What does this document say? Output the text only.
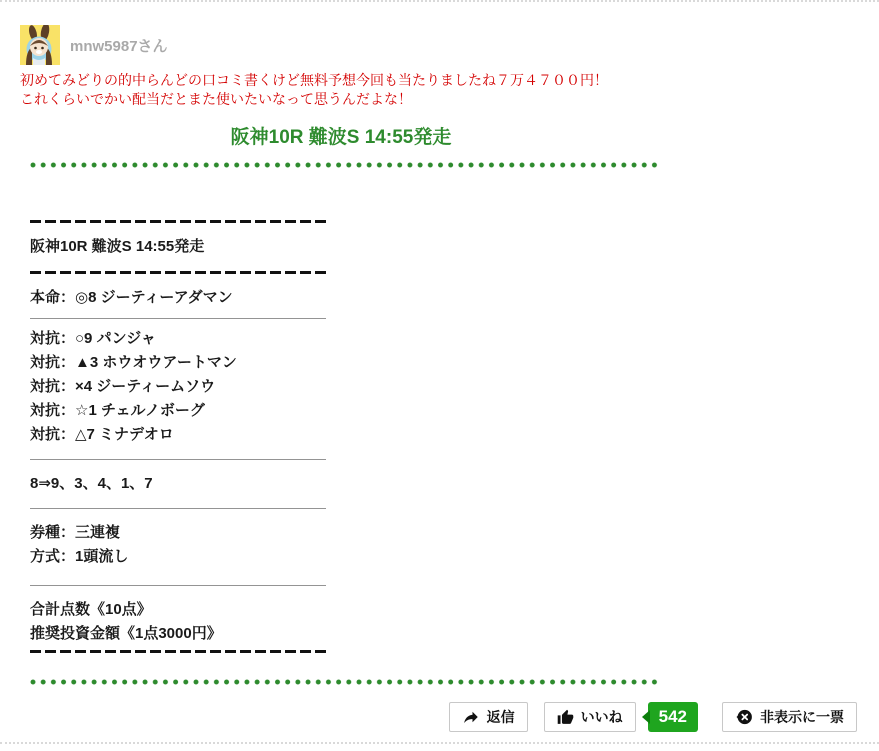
mnw5987さん
初めてみどりの的中らんどの口コミ書くけど無料予想今回も当たりましたね７万４７００円！
これくらいでかい配当だとまた使いたいなって思うんだよな！
阪神10R 難波S 14:55発走
阪神10R 難波S 14:55発走
本命：◎8 ジーティーアダマン
対抗：○9 パンジャ
対抗：▲3 ホウオウアートマン
対抗：×4 ジーティームソウ
対抗：☆1 チェルノボーグ
対抗：△7 ミナデオロ
8⇒9、3、4、1、7
券種：三連複
方式：1頭流し
合計点数《10点》
推奨投資金額《1点3000円》
返信	いいね 542	非表示に一票
